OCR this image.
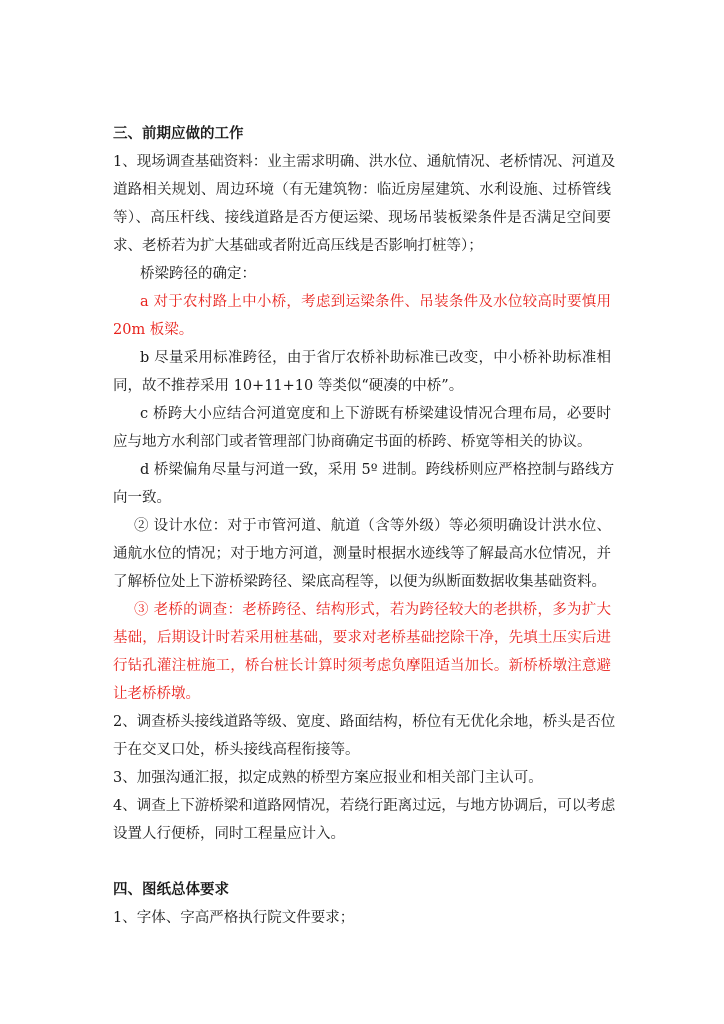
三、前期应做的工作
1、现场调查基础资料：业主需求明确、洪水位、通航情况、老桥情况、河道及
道路相关规划、周边环境（有无建筑物：临近房屋建筑、水利设施、过桥管线
等）、高压杆线、接线道路是否方便运梁、现场吊装板梁条件是否满足空间要
求、老桥若为扩大基础或者附近高压线是否影响打桩等）；
桥梁跨径的确定：
a 对于农村路上中小桥，考虑到运梁条件、吊装条件及水位较高时要慎用
20m 板梁。
b 尽量采用标准跨径，由于省厅农桥补助标准已改变，中小桥补助标准相
同，故不推荐采用 10+11+10 等类似“硬凑的中桥”。
c 桥跨大小应结合河道宽度和上下游既有桥梁建设情况合理布局，必要时
应与地方水利部门或者管理部门协商确定书面的桥跨、桥宽等相关的协议。
d 桥梁偏角尽量与河道一致，采用 5º 进制。跨线桥则应严格控制与路线方
向一致。
② 设计水位：对于市管河道、航道（含等外级）等必须明确设计洪水位、
通航水位的情况；对于地方河道，测量时根据水迹线等了解最高水位情况，并
了解桥位处上下游桥梁跨径、梁底高程等，以便为纵断面数据收集基础资料。
③ 老桥的调查：老桥跨径、结构形式，若为跨径较大的老拱桥，多为扩大
基础，后期设计时若采用桩基础，要求对老桥基础挖除干净，先填土压实后进
行钻孔灌注桩施工，桥台桩长计算时须考虑负摩阻适当加长。新桥桥墩注意避
让老桥桥墩。
2、调查桥头接线道路等级、宽度、路面结构，桥位有无优化余地，桥头是否位
于在交叉口处，桥头接线高程衔接等。
3、加强沟通汇报，拟定成熟的桥型方案应报业和相关部门主认可。
4、调查上下游桥梁和道路网情况，若绕行距离过远，与地方协调后，可以考虑
设置人行便桥，同时工程量应计入。
四、图纸总体要求
1、字体、字高严格执行院文件要求；
